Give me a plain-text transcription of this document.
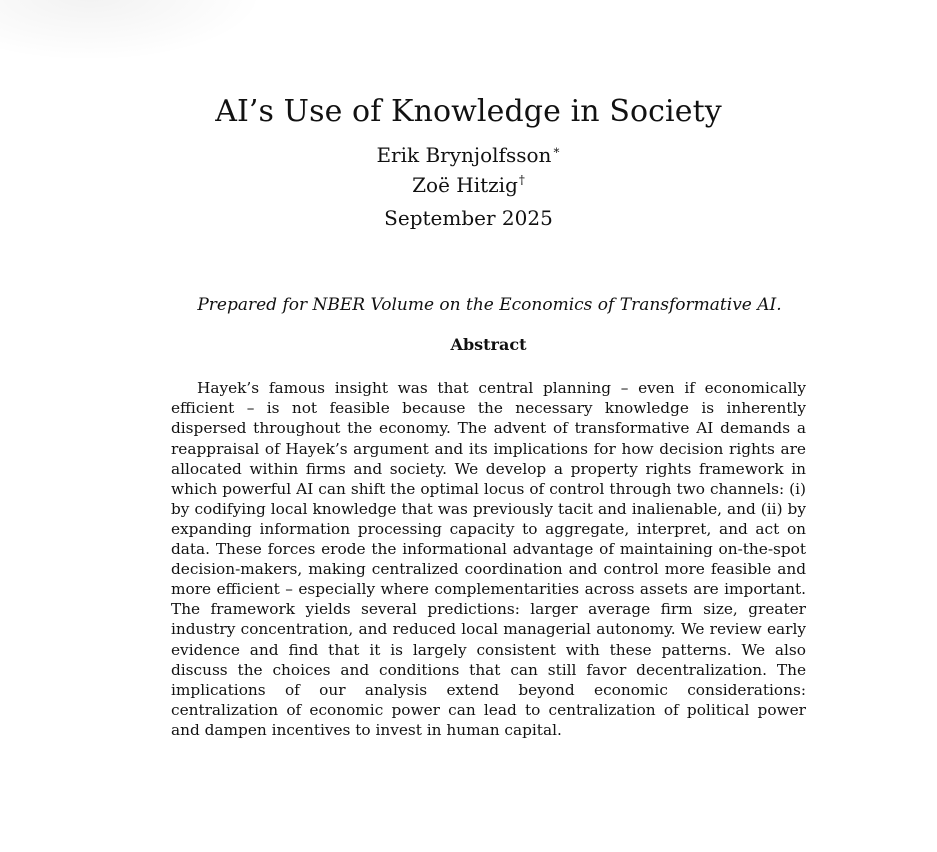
AI’s Use of Knowledge in Society
Erik Brynjolfsson∗
Zoë Hitzig†
September 2025
Prepared for NBER Volume on the Economics of Transformative AI.
Abstract

Hayek’s famous insight was that central planning – even if economically efficient – is not feasible because the necessary knowledge is inherently dispersed throughout the economy. The advent of transformative AI demands a reappraisal of Hayek’s argument and its implications for how decision rights are allocated within firms and society. We develop a property rights framework in which powerful AI can shift the optimal locus of control through two channels: (i) by codifying local knowledge that was previously tacit and inalienable, and (ii) by expanding information processing capacity to aggregate, interpret, and act on data. These forces erode the informational advantage of maintaining on-the-spot decision-makers, making centralized coordination and control more feasible and more efficient – especially where complementarities across assets are important. The framework yields several predictions: larger average firm size, greater industry concentration, and reduced local managerial autonomy. We review early evidence and find that it is largely consistent with these patterns. We also discuss the choices and conditions that can still favor decentralization. The implications of our analysis extend beyond economic considerations: centralization of economic power can lead to centralization of political power and dampen incentives to invest in human capital.
